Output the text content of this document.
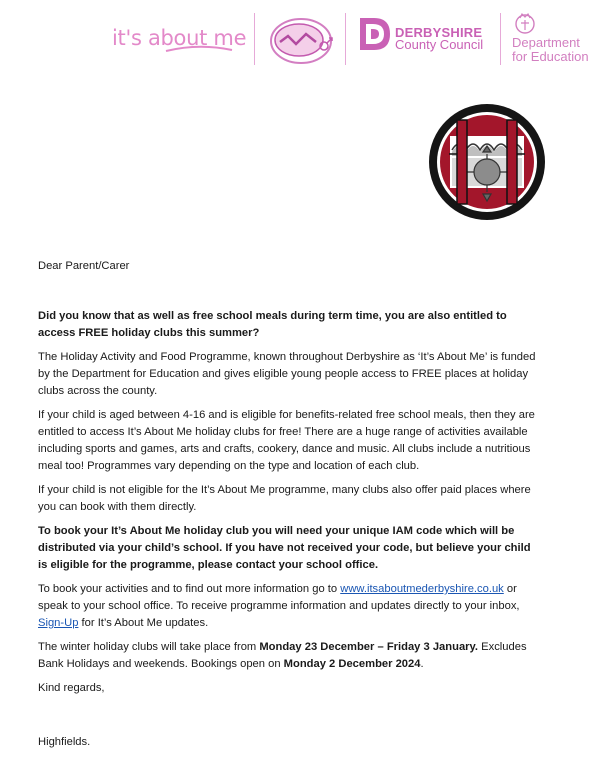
it's about me	DERBYSHIRE
County Council Department
for Education

Dear Parent/Carer

Did you know that as well as free school meals during term time, you are also entitled to access FREE holiday clubs this summer?

The Holiday Activity and Food Programme, known throughout Derbyshire as ‘It’s About Me’ is funded by the Department for Education and gives eligible young people access to FREE places at holiday clubs across the county.

If your child is aged between 4-16 and is eligible for benefits-related free school meals, then they are entitled to access It’s About Me holiday clubs for free! There are a huge range of activities available including sports and games, arts and crafts, cookery, dance and music. All clubs include a nutritious meal too! Programmes vary depending on the type and location of each club.

If your child is not eligible for the It’s About Me programme, many clubs also offer paid places where you can book with them directly.

To book your It’s About Me holiday club you will need your unique IAM code which will be distributed via your child’s school. If you have not received your code, but believe your child is eligible for the programme, please contact your school office.

To book your activities and to find out more information go to www.itsaboutmederbyshire.co.uk or speak to your school office. To receive programme information and updates directly to your inbox, Sign-Up for It’s About Me updates.

The winter holiday clubs will take place from Monday 23 December – Friday 3 January. Excludes Bank Holidays and weekends. Bookings open on Monday 2 December 2024.

Kind regards,

Highfields.
